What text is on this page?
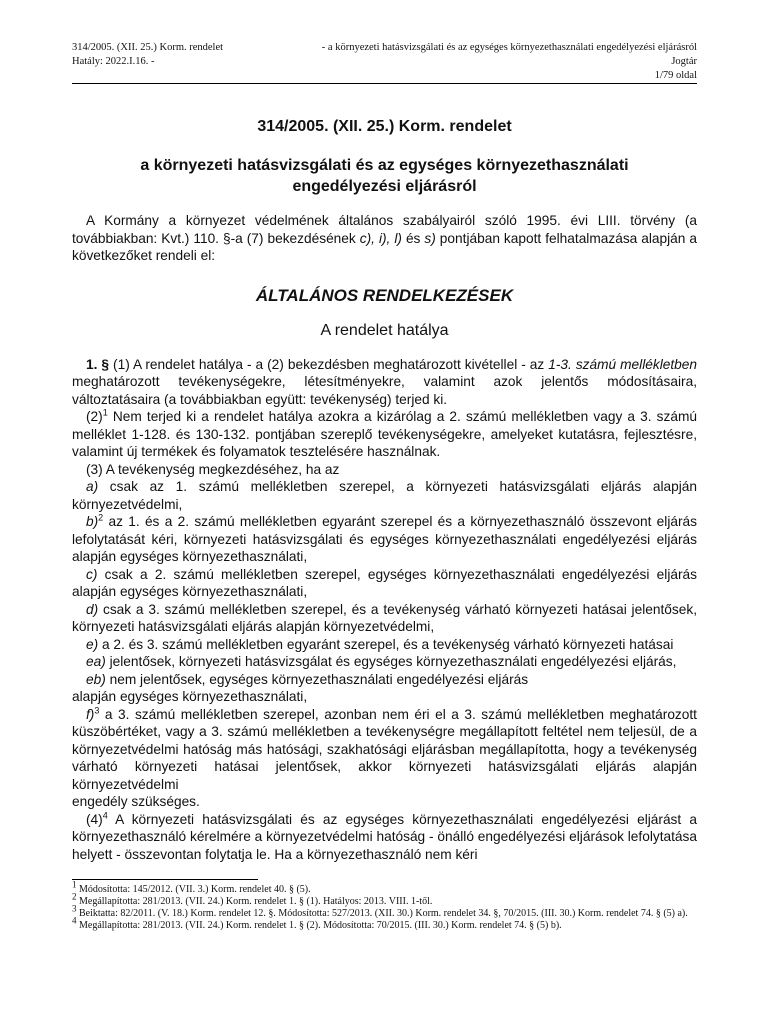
314/2005. (XII. 25.) Korm. rendelet	- a környezeti hatásvizsgálati és az egységes környezethasználati engedélyezési eljárásról
Hatály: 2022.I.16. -	Jogtár
1/79 oldal

314/2005. (XII. 25.) Korm. rendelet

a környezeti hatásvizsgálati és az egységes környezethasználati

engedélyezési eljárásról

A Kormány a környezet védelmének általános szabályairól szóló 1995. évi LIII. törvény (a továbbiakban: Kvt.) 110. §-a (7) bekezdésének c), i), l) és s) pontjában kapott felhatalmazása alapján a következőket rendeli el:

ÁLTALÁNOS RENDELKEZÉSEK

A rendelet hatálya

1. § (1) A rendelet hatálya - a (2) bekezdésben meghatározott kivétellel - az 1-3. számú mellékletben meghatározott tevékenységekre, létesítményekre, valamint azok jelentős módosításaira, változtatásaira (a továbbiakban együtt: tevékenység) terjed ki.

$(2)^1$ Nem terjed ki a rendelet hatálya azokra a kizárólag a 2. számú mellékletben vagy a 3. számú melléklet 1-128. és 130-132. pontjában szereplő tevékenységekre, amelyeket kutatásra, fejlesztésre, valamint új termékek és folyamatok tesztelésére használnak.

(3) A tevékenység megkezdéséhez, ha az

a) csak az 1. számú mellékletben szerepel, a környezeti hatásvizsgálati eljárás alapján környezetvédelmi,

b)$^2$ az 1. és a 2. számú mellékletben egyaránt szerepel és a környezethasználó összevont eljárás lefolytatását kéri, környezeti hatásvizsgálati és egységes környezethasználati engedélyezési eljárás alapján egységes környezethasználati,

c) csak a 2. számú mellékletben szerepel, egységes környezethasználati engedélyezési eljárás alapján egységes környezethasználati,

d) csak a 3. számú mellékletben szerepel, és a tevékenység várható környezeti hatásai jelentősek, környezeti hatásvizsgálati eljárás alapján környezetvédelmi,

e) a 2. és 3. számú mellékletben egyaránt szerepel, és a tevékenység várható környezeti hatásai

ea) jelentősek, környezeti hatásvizsgálat és egységes környezethasználati engedélyezési eljárás,

eb) nem jelentősek, egységes környezethasználati engedélyezési eljárás

alapján egységes környezethasználati,

f)$^3$ a 3. számú mellékletben szerepel, azonban nem éri el a 3. számú mellékletben meghatározott küszöbértéket, vagy a 3. számú mellékletben a tevékenységre megállapított feltétel nem teljesül, de a környezetvédelmi hatóság más hatósági, szakhatósági eljárásban megállapította, hogy a tevékenység várható környezeti hatásai jelentősek, akkor környezeti hatásvizsgálati eljárás alapján környezetvédelmi

engedély szükséges.

$(4)^4$ A környezeti hatásvizsgálati és az egységes környezethasználati engedélyezési eljárást a környezethasználó kérelmére a környezetvédelmi hatóság - önálló engedélyezési eljárások lefolytatása helyett - összevontan folytatja le. Ha a környezethasználó nem kéri

$^1$ Módosította: 145/2012. (VII. 3.) Korm. rendelet 40. § (5).

$^2$ Megállapította: 281/2013. (VII. 24.) Korm. rendelet 1. § (1). Hatályos: 2013. VIII. 1-től.

$^3$ Beiktatta: 82/2011. (V. 18.) Korm. rendelet 12. §. Módosította: 527/2013. (XII. 30.) Korm. rendelet 34. §, 70/2015. (III. 30.) Korm. rendelet 74. § (5) a).

$^4$ Megállapította: 281/2013. (VII. 24.) Korm. rendelet 1. § (2). Módosította: 70/2015. (III. 30.) Korm. rendelet 74. § (5) b).
